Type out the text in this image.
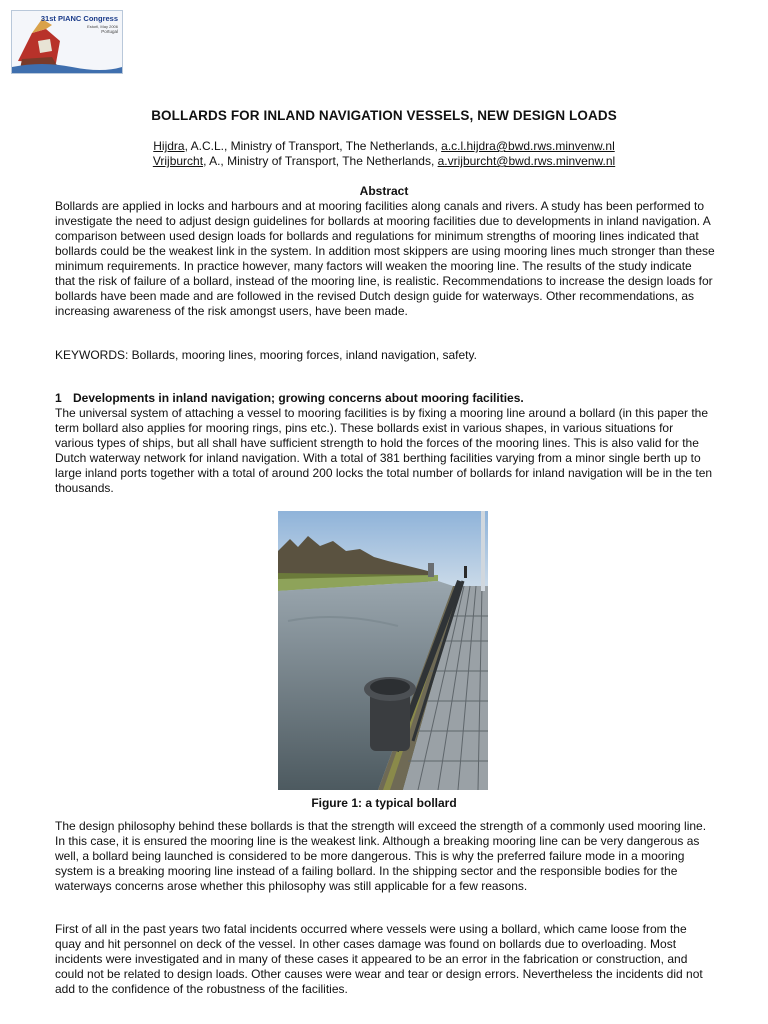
31st PIANC Congress
Estoril, May 2006
Portugal
BOLLARDS FOR INLAND NAVIGATION VESSELS, NEW DESIGN LOADS
Hijdra, A.C.L., Ministry of Transport, The Netherlands, a.c.l.hijdra@bwd.rws.minvenw.nl
Vrijburcht, A., Ministry of Transport, The Netherlands, a.vrijburcht@bwd.rws.minvenw.nl
Abstract
Bollards are applied in locks and harbours and at mooring facilities along canals and rivers. A study has been performed to investigate the need to adjust design guidelines for bollards at mooring facilities due to developments in inland navigation. A comparison between used design loads for bollards and regulations for minimum strengths of mooring lines indicated that bollards could be the weakest link in the system. In addition most skippers are using mooring lines much stronger than these minimum requirements. In practice however, many factors will weaken the mooring line. The results of the study indicate that the risk of failure of a bollard, instead of the mooring line, is realistic. Recommendations to increase the design loads for bollards have been made and are followed in the revised Dutch design guide for waterways. Other recommendations, as increasing awareness of the risk amongst users, have been made.
KEYWORDS: Bollards, mooring lines, mooring forces, inland navigation, safety.
1 Developments in inland navigation; growing concerns about mooring facilities.
The universal system of attaching a vessel to mooring facilities is by fixing a mooring line around a bollard (in this paper the term bollard also applies for mooring rings, pins etc.). These bollards exist in various shapes, in various situations for various types of ships, but all shall have sufficient strength to hold the forces of the mooring lines. This is also valid for the Dutch waterway network for inland navigation. With a total of 381 berthing facilities varying from a minor single berth up to large inland ports together with a total of around 200 locks the total number of bollards for inland navigation will be in the ten thousands.
Figure 1: a typical bollard
The design philosophy behind these bollards is that the strength will exceed the strength of a commonly used mooring line. In this case, it is ensured the mooring line is the weakest link. Although a breaking mooring line can be very dangerous as well, a bollard being launched is considered to be more dangerous. This is why the preferred failure mode in a mooring system is a breaking mooring line instead of a failing bollard. In the shipping sector and the responsible bodies for the waterways concerns arose whether this philosophy was still applicable for a few reasons.
First of all in the past years two fatal incidents occurred where vessels were using a bollard, which came loose from the quay and hit personnel on deck of the vessel. In other cases damage was found on bollards due to overloading. Most incidents were investigated and in many of these cases it appeared to be an error in the fabrication or construction, and could not be related to design loads. Other causes were wear and tear or design errors. Nevertheless the incidents did not add to the confidence of the robustness of the facilities.
